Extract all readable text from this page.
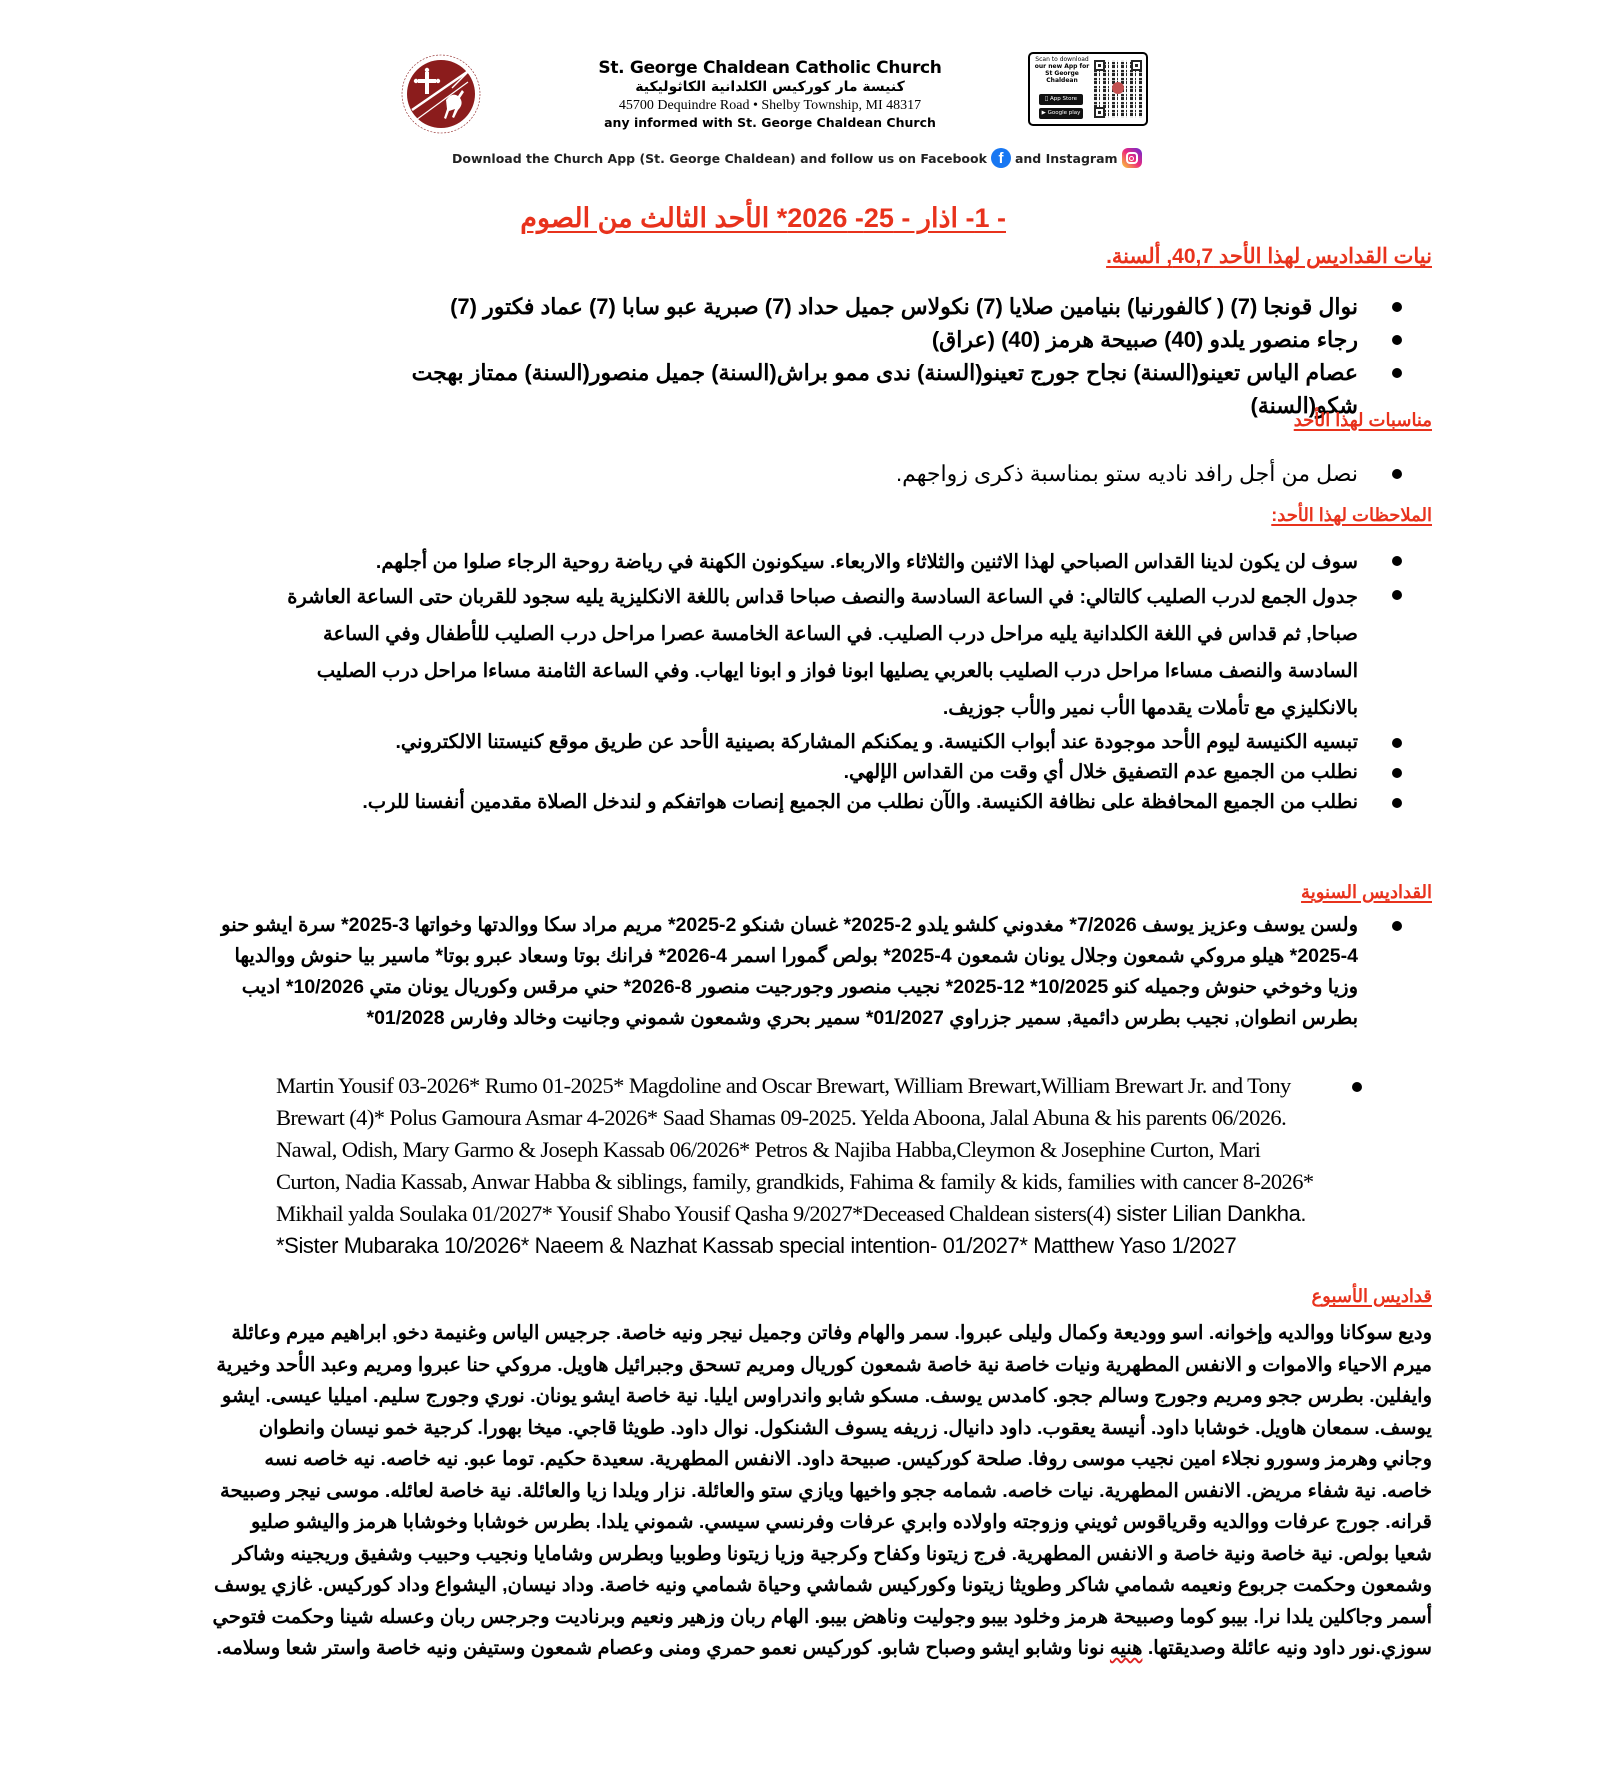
St. George Chaldean Catholic Church
كنيسة مار كوركيس الكلدانية الكاثوليكية
45700 Dequindre Road • Shelby Township, MI 48317
any informed with St. George Chaldean Church
Scan to download
our new App for
St George Chaldean
App Store
▶ Google play
Download the Church App (St. George Chaldean) and follow us on Facebook f and Instagram
- 1- اذار - 25- 2026* الأحد الثالث من الصوم
نيات القداديس لهذا الأحد 40,7, ألسنة.
نوال قونجا (7) ( كالفورنيا) بنيامين صلايا (7) نكولاس جميل حداد (7) صبرية عبو سابا (7) عماد فكتور (7)
رجاء منصور يلدو (40) صبيحة هرمز (40) (عراق)
عصام الياس تعينو(السنة) نجاح جورج تعينو(السنة) ندى ممو براش(السنة) جميل منصور(السنة) ممتاز بهجت شكو(السنة)
مناسبات لهذا الأحد
نصل من أجل رافد ناديه ستو بمناسبة ذكرى زواجهم.
الملاحظات لهذا الأحد:
سوف لن يكون لدينا القداس الصباحي لهذا الاثنين والثلاثاء والاربعاء. سيكونون الكهنة في رياضة روحية الرجاء صلوا من أجلهم.
جدول الجمع لدرب الصليب كالتالي: في الساعة السادسة والنصف صباحا قداس باللغة الانكليزية يليه سجود للقربان حتى الساعة العاشرة صباحا, ثم قداس في اللغة الكلدانية يليه مراحل درب الصليب. في الساعة الخامسة عصرا مراحل درب الصليب للأطفال وفي الساعة السادسة والنصف مساءا مراحل درب الصليب بالعربي يصليها ابونا فواز و ابونا ايهاب. وفي الساعة الثامنة مساءا مراحل درب الصليب بالانكليزي مع تأملات يقدمها الأب نمير والأب جوزيف.
تبسيه الكنيسة ليوم الأحد موجودة عند أبواب الكنيسة. و يمكنكم المشاركة بصينية الأحد عن طريق موقع كنيستنا الالكتروني.
نطلب من الجميع عدم التصفيق خلال أي وقت من القداس الإلهي.
نطلب من الجميع المحافظة على نظافة الكنيسة. والآن نطلب من الجميع إنصات هواتفكم و لندخل الصلاة مقدمين أنفسنا للرب.
القداديس السنوية
ولسن يوسف وعزيز يوسف 7/2026* مغدوني كلشو يلدو 2-2025* غسان شنكو 2-2025* مريم مراد سكا ووالدتها وخواتها 3-2025* سرة ايشو حنو 4-2025* هيلو مروكي شمعون وجلال يونان شمعون 4-2025* بولص گمورا اسمر 4-2026* فرانك بوتا وسعاد عبرو بوتا* ماسير بيا حنوش ووالديها وزيا وخوخي حنوش وجميله كنو 10/2025* 12-2025* نجيب منصور وجورجيت منصور 8-2026* حني مرقس وكوريال يونان متي 10/2026* اديب بطرس انطوان, نجيب بطرس دائمية, سمير جزراوي 01/2027* سمير بحري وشمعون شموني وجانيت وخالد وفارس 01/2028*
Martin Yousif 03-2026* Rumo 01-2025* Magdoline and Oscar Brewart, William Brewart,William Brewart Jr. and Tony Brewart (4)* Polus Gamoura Asmar 4-2026* Saad Shamas 09-2025. Yelda Aboona, Jalal Abuna & his parents 06/2026. Nawal, Odish, Mary Garmo & Joseph Kassab 06/2026* Petros & Najiba Habba,Cleymon & Josephine Curton, Mari Curton, Nadia Kassab, Anwar Habba & siblings, family, grandkids, Fahima & family & kids, families with cancer 8-2026* Mikhail yalda Soulaka 01/2027* Yousif Shabo Yousif Qasha 9/2027*Deceased Chaldean sisters(4) sister Lilian Dankha. Sister Mubaraka 10/2026* Naeem & Nazhat Kassab special intention- 01/2027* Matthew Yaso 1/2027*
قداديس الأسبوع
وديع سوكانا ووالديه وإخوانه. اسو ووديعة وكمال وليلى عبروا. سمر والهام وفاتن وجميل نيجر ونيه خاصة. جرجيس الياس وغنيمة دخو, ابراهيم ميرم وعائلة ميرم الاحياء والاموات و الانفس المطهرية ونيات خاصة نية خاصة شمعون كوريال ومريم تسحق وجبرائيل هاويل. مروكي حنا عبروا ومريم وعبد الأحد وخيرية وايفلين. بطرس ججو ومريم وجورج وسالم ججو. كامدس يوسف. مسكو شابو واندراوس ايليا. نية خاصة ايشو يونان. نوري وجورج سليم. اميليا عيسى. ايشو يوسف. سمعان هاويل. خوشابا داود. أنيسة يعقوب. داود دانيال. زريفه يسوف الشنكول. نوال داود. طويثا قاجي. ميخا بهورا. كرجية خمو نيسان وانطوان وجاني وهرمز وسورو نجلاء امين نجيب موسى روفا. صلحة كوركيس. صبيحة داود. الانفس المطهرية. سعيدة حكيم. توما عبو. نيه خاصه. نيه خاصه نسه خاصه. نية شفاء مريض. الانفس المطهرية. نيات خاصه. شمامه ججو واخيها ويازي ستو والعائلة. نزار ويلدا زيا والعائلة. نية خاصة لعائله. موسى نيجر وصبيحة قرانه. جورج عرفات ووالديه وقرياقوس ثويني وزوجته واولاده وابري عرفات وفرنسي سيسي. شموني يلدا. بطرس خوشابا وخوشابا هرمز واليشو صليو شعيا بولص. نية خاصة ونية خاصة و الانفس المطهرية. فرج زيتونا وكفاح وكرجية وزيا زيتونا وطوبيا وبطرس وشامايا ونجيب وحبيب وشفيق وريجينه وشاكر وشمعون وحكمت جربوع ونعيمه شمامي شاكر وطويثا زيتونا وكوركيس شماشي وحياة شمامي ونيه خاصة. وداد نيسان, اليشواع وداد كوركيس. غازي يوسف أسمر وجاكلين يلدا نرا. بيبو كوما وصبيحة هرمز وخلود بيبو وجوليت وناهض بيبو. الهام ربان وزهير ونعيم وبرناديت وجرجس ربان وعسله شينا وحكمت فتوحي سوزي.نور داود ونيه عائلة وصديقتها. هنيه نونا وشابو ايشو وصباح شابو. كوركيس نعمو حمري ومنى وعصام شمعون وستيفن ونيه خاصة واستر شعا وسلامه.
